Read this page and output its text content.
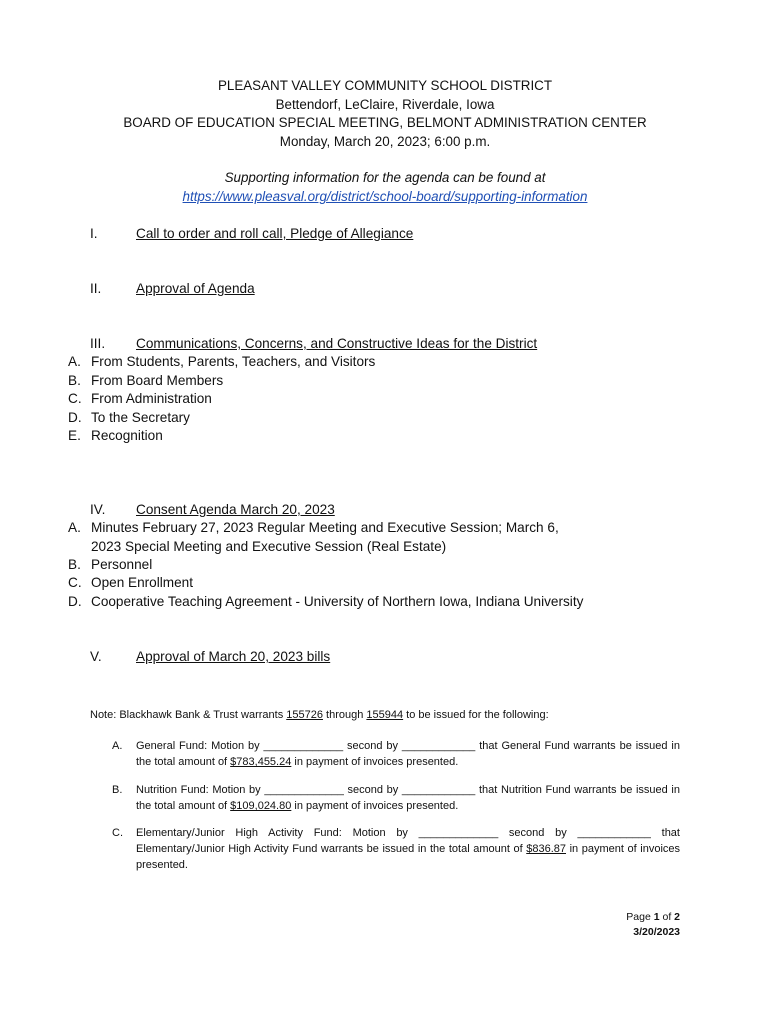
PLEASANT VALLEY COMMUNITY SCHOOL DISTRICT
Bettendorf, LeClaire, Riverdale, Iowa
BOARD OF EDUCATION SPECIAL MEETING, BELMONT ADMINISTRATION CENTER
Monday, March 20, 2023; 6:00 p.m.
Supporting information for the agenda can be found at
https://www.pleasval.org/district/school-board/supporting-information
I.	Call to order and roll call, Pledge of Allegiance
II.	Approval of Agenda
III. Communications, Concerns, and Constructive Ideas for the District
A. From Students, Parents, Teachers, and Visitors
B. From Board Members
C. From Administration
D. To the Secretary
E. Recognition
IV. Consent Agenda March 20, 2023
A. Minutes February 27, 2023 Regular Meeting and Executive Session; March 6, 2023 Special Meeting and Executive Session (Real Estate)
B. Personnel
C. Open Enrollment
D. Cooperative Teaching Agreement - University of Northern Iowa, Indiana University
V.	Approval of March 20, 2023 bills
Note: Blackhawk Bank & Trust warrants 155726 through 155944 to be issued for the following:
A. General Fund: Motion by _____________ second by ____________ that General Fund warrants be issued in the total amount of $783,455.24 in payment of invoices presented.
B. Nutrition Fund: Motion by _____________ second by ____________ that Nutrition Fund warrants be issued in the total amount of $109,024.80 in payment of invoices presented.
C. Elementary/Junior High Activity Fund: Motion by _____________ second by ____________ that Elementary/Junior High Activity Fund warrants be issued in the total amount of $836.87 in payment of invoices presented.
Page 1 of 2
3/20/2023
